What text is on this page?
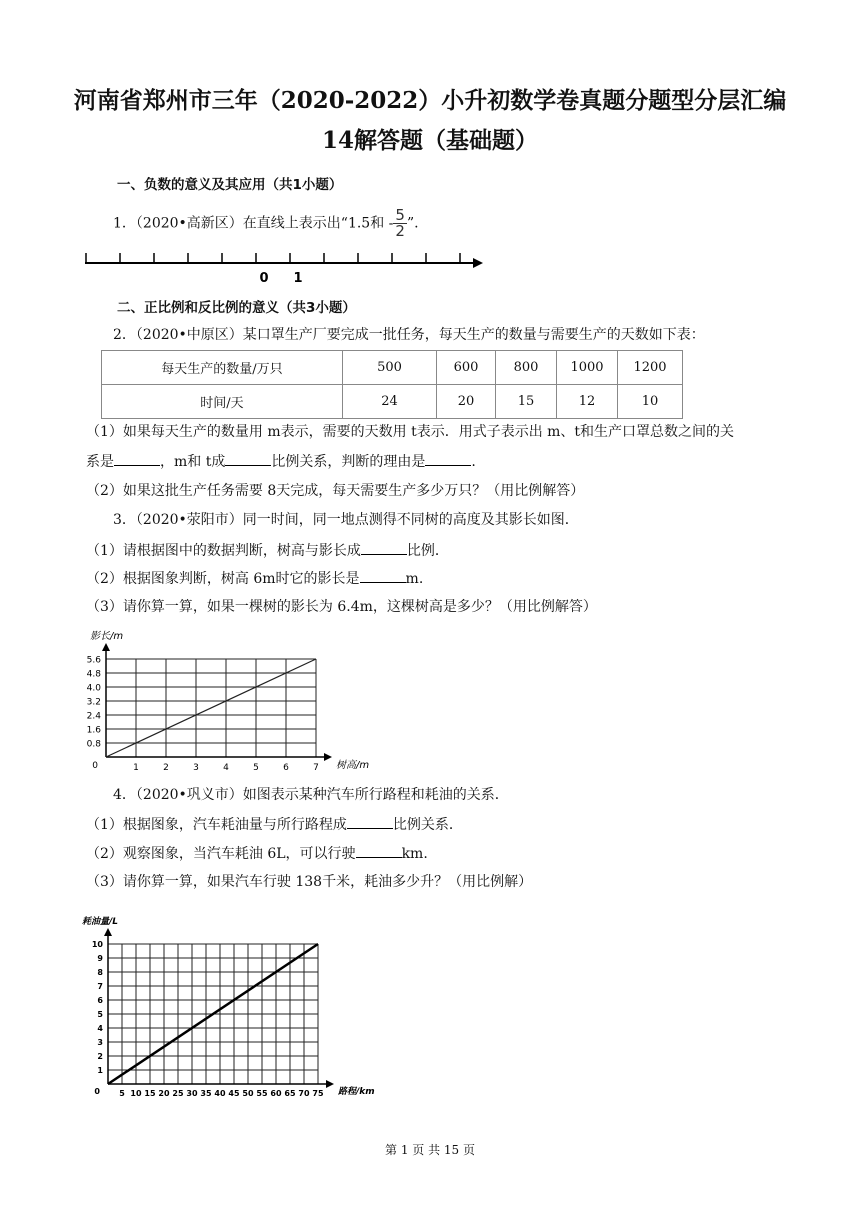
河南省郑州市三年（2020-2022）小升初数学卷真题分题型分层汇编
14解答题（基础题）
一、负数的意义及其应用（共1小题）
1．（2020•高新区）在直线上表示出“1.5和 - $\frac{5}{2}$ ”.
0 1
二、正比例和反比例的意义（共3小题）
2．（2020•中原区）某口罩生产厂要完成一批任务，每天生产的数量与需要生产的天数如下表：
每天生产的数量/万只	500	600	800	1000	1200
时间/天	24	20	15	12	10
（1）如果每天生产的数量用 m表示，需要的天数用 t表示．用式子表示出 m、t和生产口罩总数之间的关
系是	，m和 t成	比例关系，判断的理由是	.
（2）如果这批生产任务需要 8天完成，每天需要生产多少万只？（用比例解答）
3．（2020•荥阳市）同一时间，同一地点测得不同树的高度及其影长如图．
（1）请根据图中的数据判断，树高与影长成	比例．
（2）根据图象判断，树高 6m时它的影长是	m.
（3）请你算一算，如果一棵树的影长为 6.4m，这棵树高是多少？（用比例解答）
1	2	3	4	5	6	7
0.8
1.6
2.4
3.2
4.0
4.8
5.6
0	树高/m
影长/m
4．（2020•巩义市）如图表示某种汽车所行路程和耗油的关系．
（1）根据图象，汽车耗油量与所行路程成	比例关系．
（2）观察图象，当汽车耗油 6L，可以行驶	km.
（3）请你算一算，如果汽车行驶 138千米，耗油多少升？（用比例解）
5 10 15 20 25 30 35 40 45 50 55 60 65 70 75
1
2
3
4
5
6
7
8
9
10
0	路程/km
耗油量/L
第 1 页 共 15 页
